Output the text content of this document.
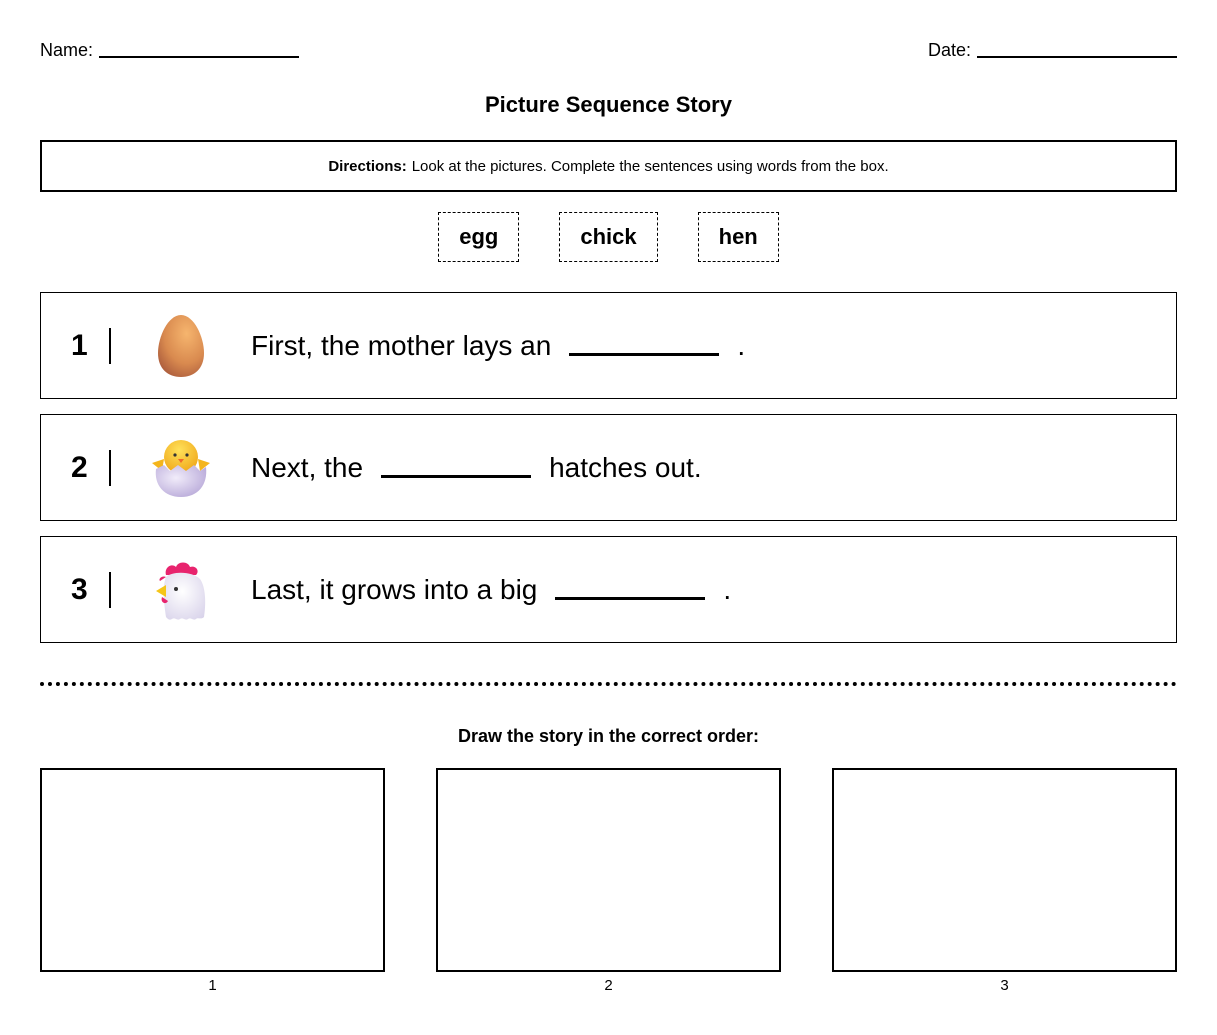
Name:	Date:
Picture Sequence Story
Directions: Look at the pictures. Complete the sentences using words from the box.
egg	chick	hen
1	First, the mother lays an	.
2	Next, the	hatches out.
3	Last, it grows into a big	.
Draw the story in the correct order:
1	2	3
